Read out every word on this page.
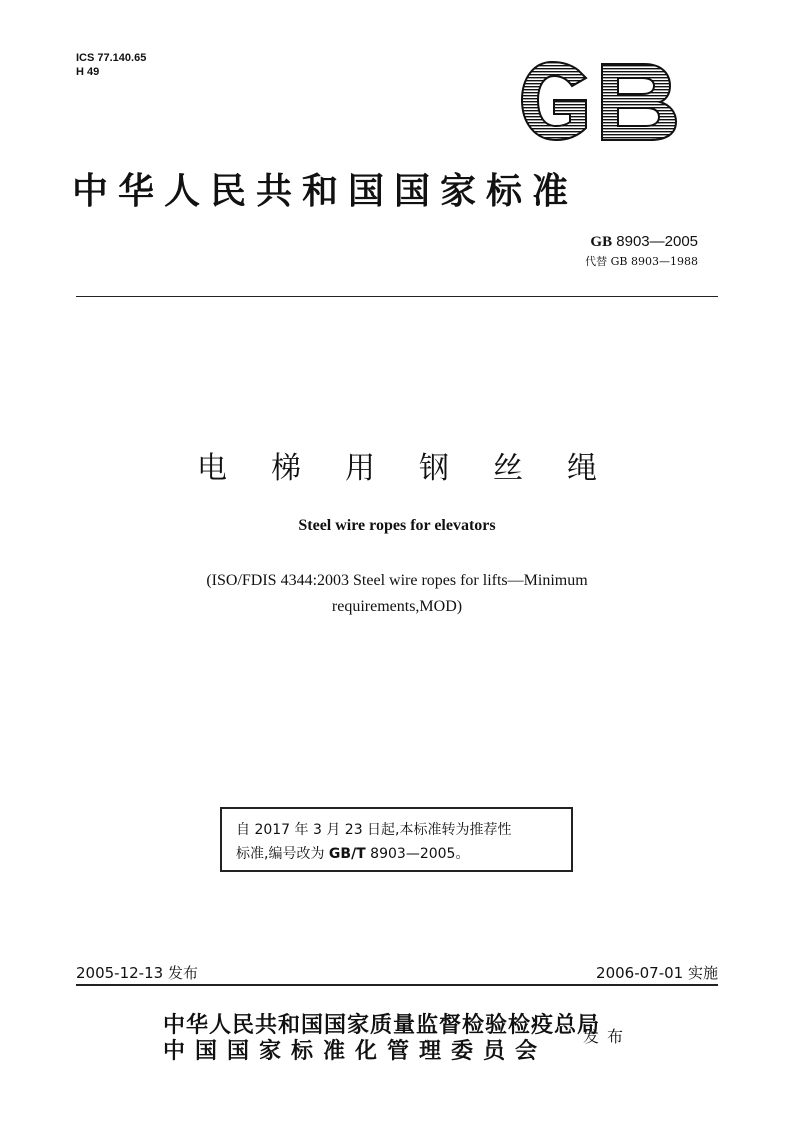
ICS 77.140.65
H 49
中华人民共和国国家标准
GB 8903—2005
代替 GB 8903—1988
电梯用钢丝绳
Steel wire ropes for elevators
(ISO/FDIS 4344:2003 Steel wire ropes for lifts—Minimum
requirements,MOD)
自 2017 年 3 月 23 日起,本标准转为推荐性
标准,编号改为 GB/T 8903—2005。
2005-12-13 发布	2006-07-01 实施
中华人民共和国国家质量监督检验检疫总局
中国国家标准化管理委员会
发布
